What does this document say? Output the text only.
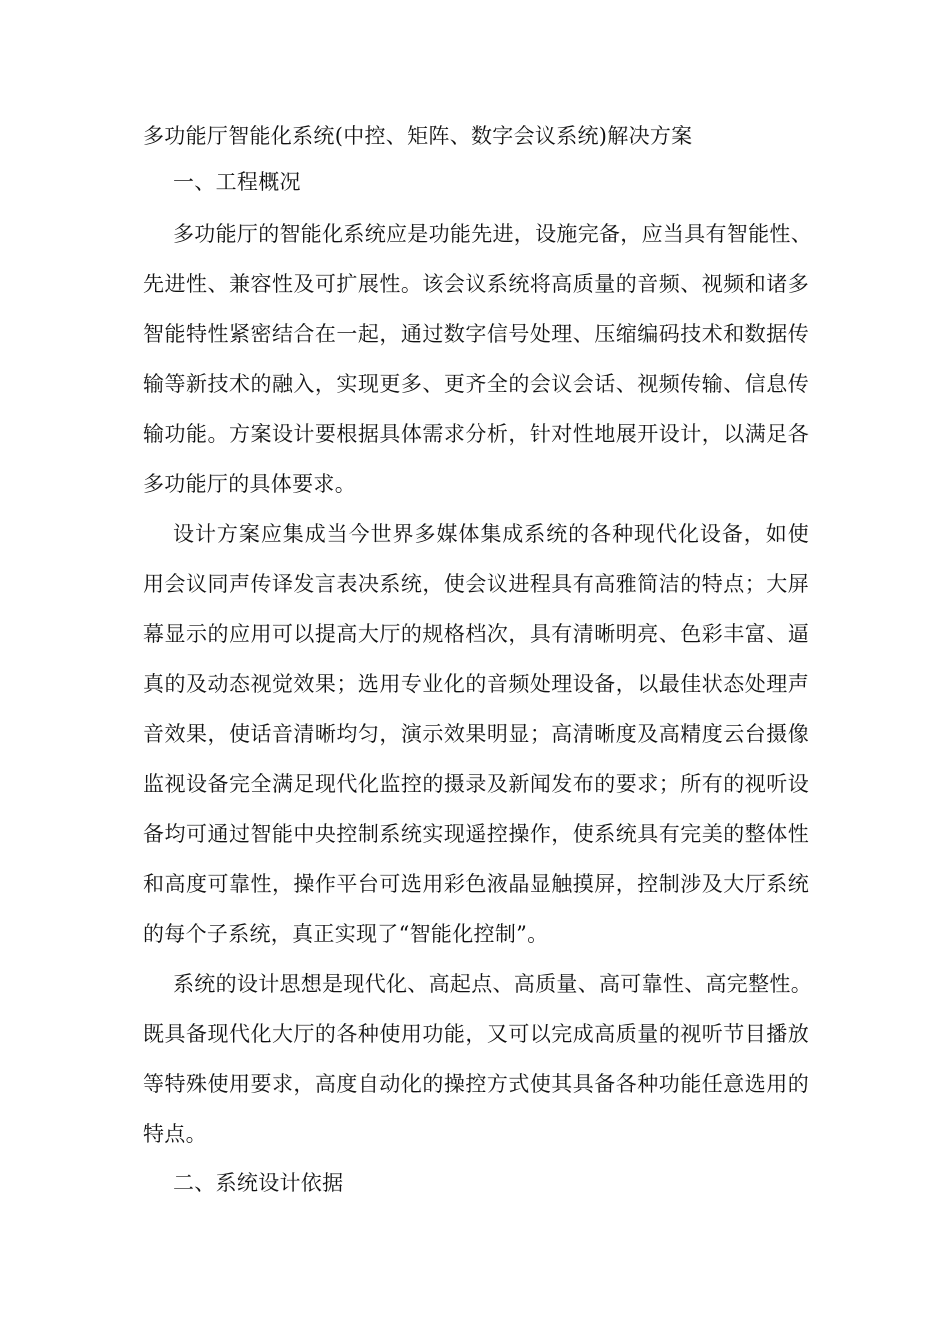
多功能厅智能化系统(中控、矩阵、数字会议系统)解决方案
一、工程概况
多功能厅的智能化系统应是功能先进，设施完备，应当具有智能性、
先进性、兼容性及可扩展性。该会议系统将高质量的音频、视频和诸多
智能特性紧密结合在一起，通过数字信号处理、压缩编码技术和数据传
输等新技术的融入，实现更多、更齐全的会议会话、视频传输、信息传
输功能。方案设计要根据具体需求分析，针对性地展开设计，以满足各
多功能厅的具体要求。
设计方案应集成当今世界多媒体集成系统的各种现代化设备，如使
用会议同声传译发言表决系统，使会议进程具有高雅简洁的特点；大屏
幕显示的应用可以提高大厅的规格档次，具有清晰明亮、色彩丰富、逼
真的及动态视觉效果；选用专业化的音频处理设备，以最佳状态处理声
音效果，使话音清晰均匀，演示效果明显；高清晰度及高精度云台摄像
监视设备完全满足现代化监控的摄录及新闻发布的要求；所有的视听设
备均可通过智能中央控制系统实现遥控操作，使系统具有完美的整体性
和高度可靠性，操作平台可选用彩色液晶显触摸屏，控制涉及大厅系统
的每个子系统，真正实现了“智能化控制”。
系统的设计思想是现代化、高起点、高质量、高可靠性、高完整性。
既具备现代化大厅的各种使用功能，又可以完成高质量的视听节目播放
等特殊使用要求，高度自动化的操控方式使其具备各种功能任意选用的
特点。
二、系统设计依据
